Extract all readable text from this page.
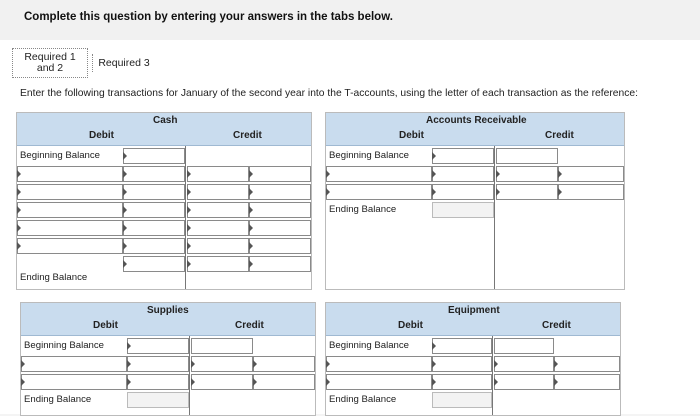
Complete this question by entering your answers in the tabs below.
Required 1
and 2	Required 3
Enter the following transactions for January of the second year into the T-accounts, using the letter of each transaction as the reference:
Cash
Debit	Credit
Beginning Balance
Ending Balance
Accounts Receivable
Debit	Credit
Beginning Balance
Ending Balance
Supplies
Debit	Credit
Beginning Balance
Ending Balance
Equipment
Debit	Credit
Beginning Balance
Ending Balance
